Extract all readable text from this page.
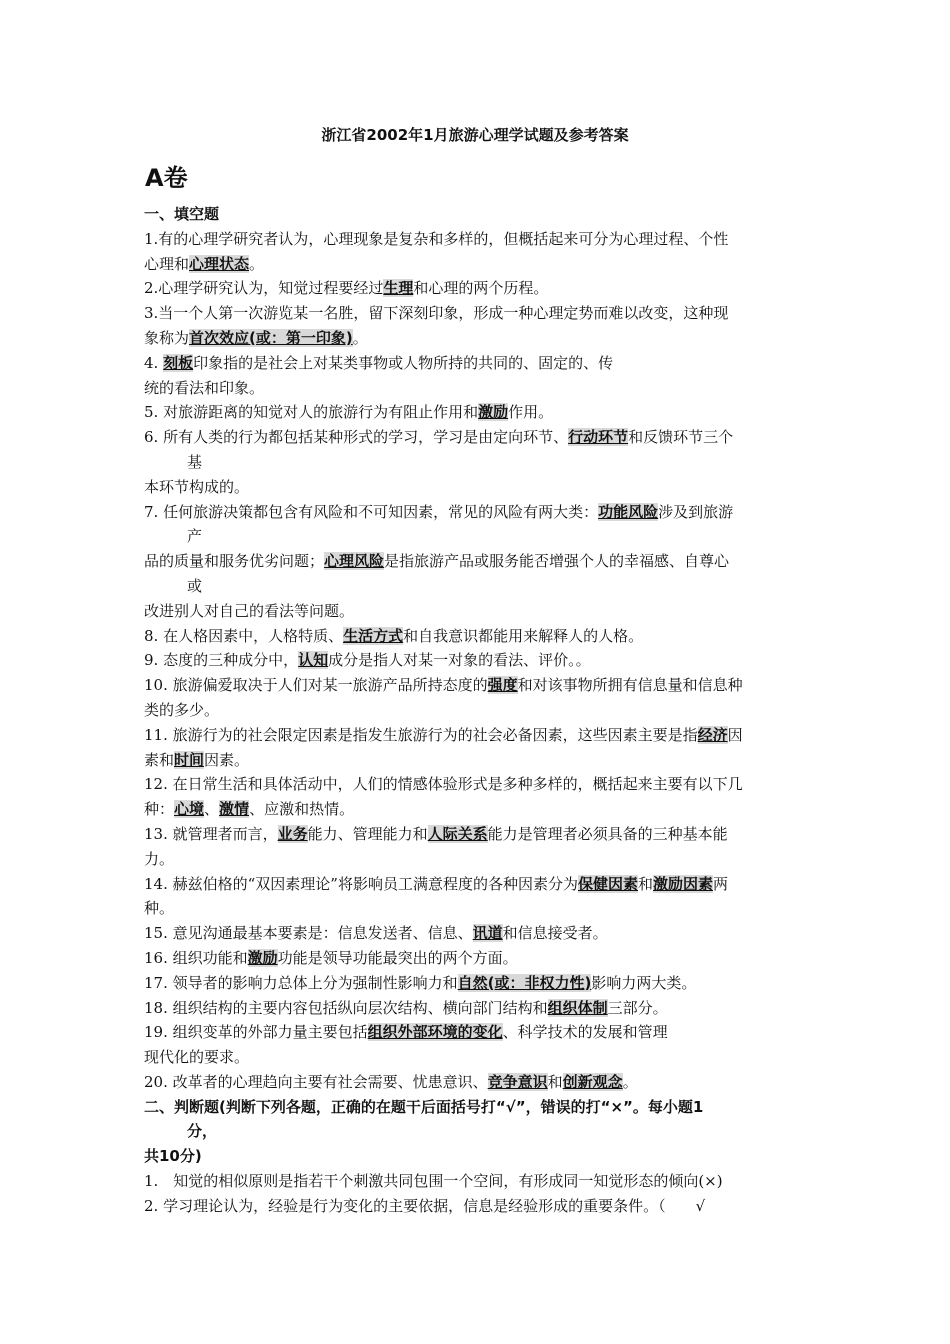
浙江省2002年1月旅游心理学试题及参考答案
A卷
一、填空题
1.有的心理学研究者认为，心理现象是复杂和多样的，但概括起来可分为心理过程、个性
心理和心理状态。
2.心理学研究认为，知觉过程要经过生理和心理的两个历程。
3.当一个人第一次游览某一名胜，留下深刻印象，形成一种心理定势而难以改变，这种现
象称为首次效应(或：第一印象)。
4. 刻板印象指的是社会上对某类事物或人物所持的共同的、固定的、传
统的看法和印象。
5. 对旅游距离的知觉对人的旅游行为有阻止作用和激励作用。
6. 所有人类的行为都包括某种形式的学习，学习是由定向环节、行动环节和反馈环节三个
基
本环节构成的。
7. 任何旅游决策都包含有风险和不可知因素，常见的风险有两大类：功能风险涉及到旅游
产
品的质量和服务优劣问题；心理风险是指旅游产品或服务能否增强个人的幸福感、自尊心
或
改进别人对自己的看法等问题。
8. 在人格因素中，人格特质、生活方式和自我意识都能用来解释人的人格。
9. 态度的三种成分中，认知成分是指人对某一对象的看法、评价。。
10. 旅游偏爱取决于人们对某一旅游产品所持态度的强度和对该事物所拥有信息量和信息种
类的多少。
11. 旅游行为的社会限定因素是指发生旅游行为的社会必备因素，这些因素主要是指经济因
素和时间因素。
12. 在日常生活和具体活动中，人们的情感体验形式是多种多样的，概括起来主要有以下几
种：心境、激情、应激和热情。
13. 就管理者而言，业务能力、管理能力和人际关系能力是管理者必须具备的三种基本能
力。
14. 赫兹伯格的“双因素理论”将影响员工满意程度的各种因素分为保健因素和激励因素两
种。
15. 意见沟通最基本要素是：信息发送者、信息、讯道和信息接受者。
16. 组织功能和激励功能是领导功能最突出的两个方面。
17. 领导者的影响力总体上分为强制性影响力和自然(或：非权力性)影响力两大类。
18. 组织结构的主要内容包括纵向层次结构、横向部门结构和组织体制三部分。
19. 组织变革的外部力量主要包括组织外部环境的变化、科学技术的发展和管理
现代化的要求。
20. 改革者的心理趋向主要有社会需要、忧患意识、竞争意识和创新观念。
二、判断题(判断下列各题，正确的在题干后面括号打“√”，错误的打“×”。每小题1
分，
共10分)
1.　知觉的相似原则是指若干个刺激共同包围一个空间，有形成同一知觉形态的倾向(×)
2. 学习理论认为，经验是行为变化的主要依据，信息是经验形成的重要条件。（　　√
